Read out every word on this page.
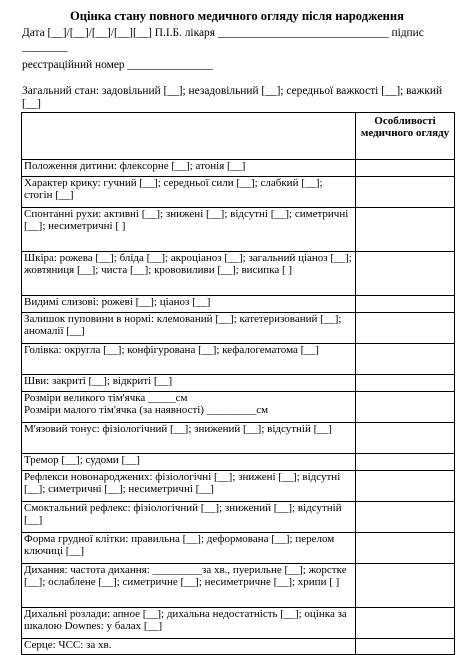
Оцінка стану повного медичного огляду після народження
Дата [__]/[__]/[__]/[__][__] П.І.Б. лікаря ______________________________ підпис
________
реєстраційний номер _______________
Загальний стан: задовільний [__]; незадовільний [__]; середньої важкості [__]; важкий [__]
	Особливості медичного огляду
Положення дитини: флексорне [__]; атонія [__]	
Характер крику: гучний [__]; середньої сили [__]; слабкий [__]; стогін [__]	
Спонтанні рухи: активні [__]; знижені [__]; відсутні [__]; симетричні [__]; несиметричні [ ]	
Шкіра: рожева [__]; бліда [__]; акроціаноз [__]; загальний ціаноз [__]; жовтяниця [__]; чиста [__]; крововиливи [__]; висипка [ ]	
Видимі слизові: рожеві [__]; ціаноз [__]	
Залишок пуповини в нормі: клемований [__]; катетеризований [__]; аномалії [__]	
Голівка: округла [__]; конфігурована [__]; кефалогематома [__]	
Шви: закриті [__]; відкриті [__]	
Розміри великого тім'ячка _____см
Розміри малого тім'ячка (за наявності) _________см	
М'язовий тонус: фізіологічний [__]; знижений [__]; відсутній [__]	
Тремор [__]; судоми [__]	
Рефлекси новонароджених: фізіологічні [__]; знижені [__]; відсутні [__]; симетричні [__]; несиметричні [__]	
Смоктальний рефлекс: фізіологічний [__]; знижений [__]; відсутній [__]	
Форма грудної клітки: правильна [__]; деформована [__]; перелом ключиці [__]	
Дихання: частота дихання: _________за хв., пуерильне [__]; жорстке [__]; ослаблене [__]; симетричне [__]; несиметричне [__]; хрипи [ ]	
Дихальні розлади: апное [__]; дихальна недостатність [__]; оцінка за шкалою Downes: у балах [__]	
Серце: ЧСС: за хв.	
